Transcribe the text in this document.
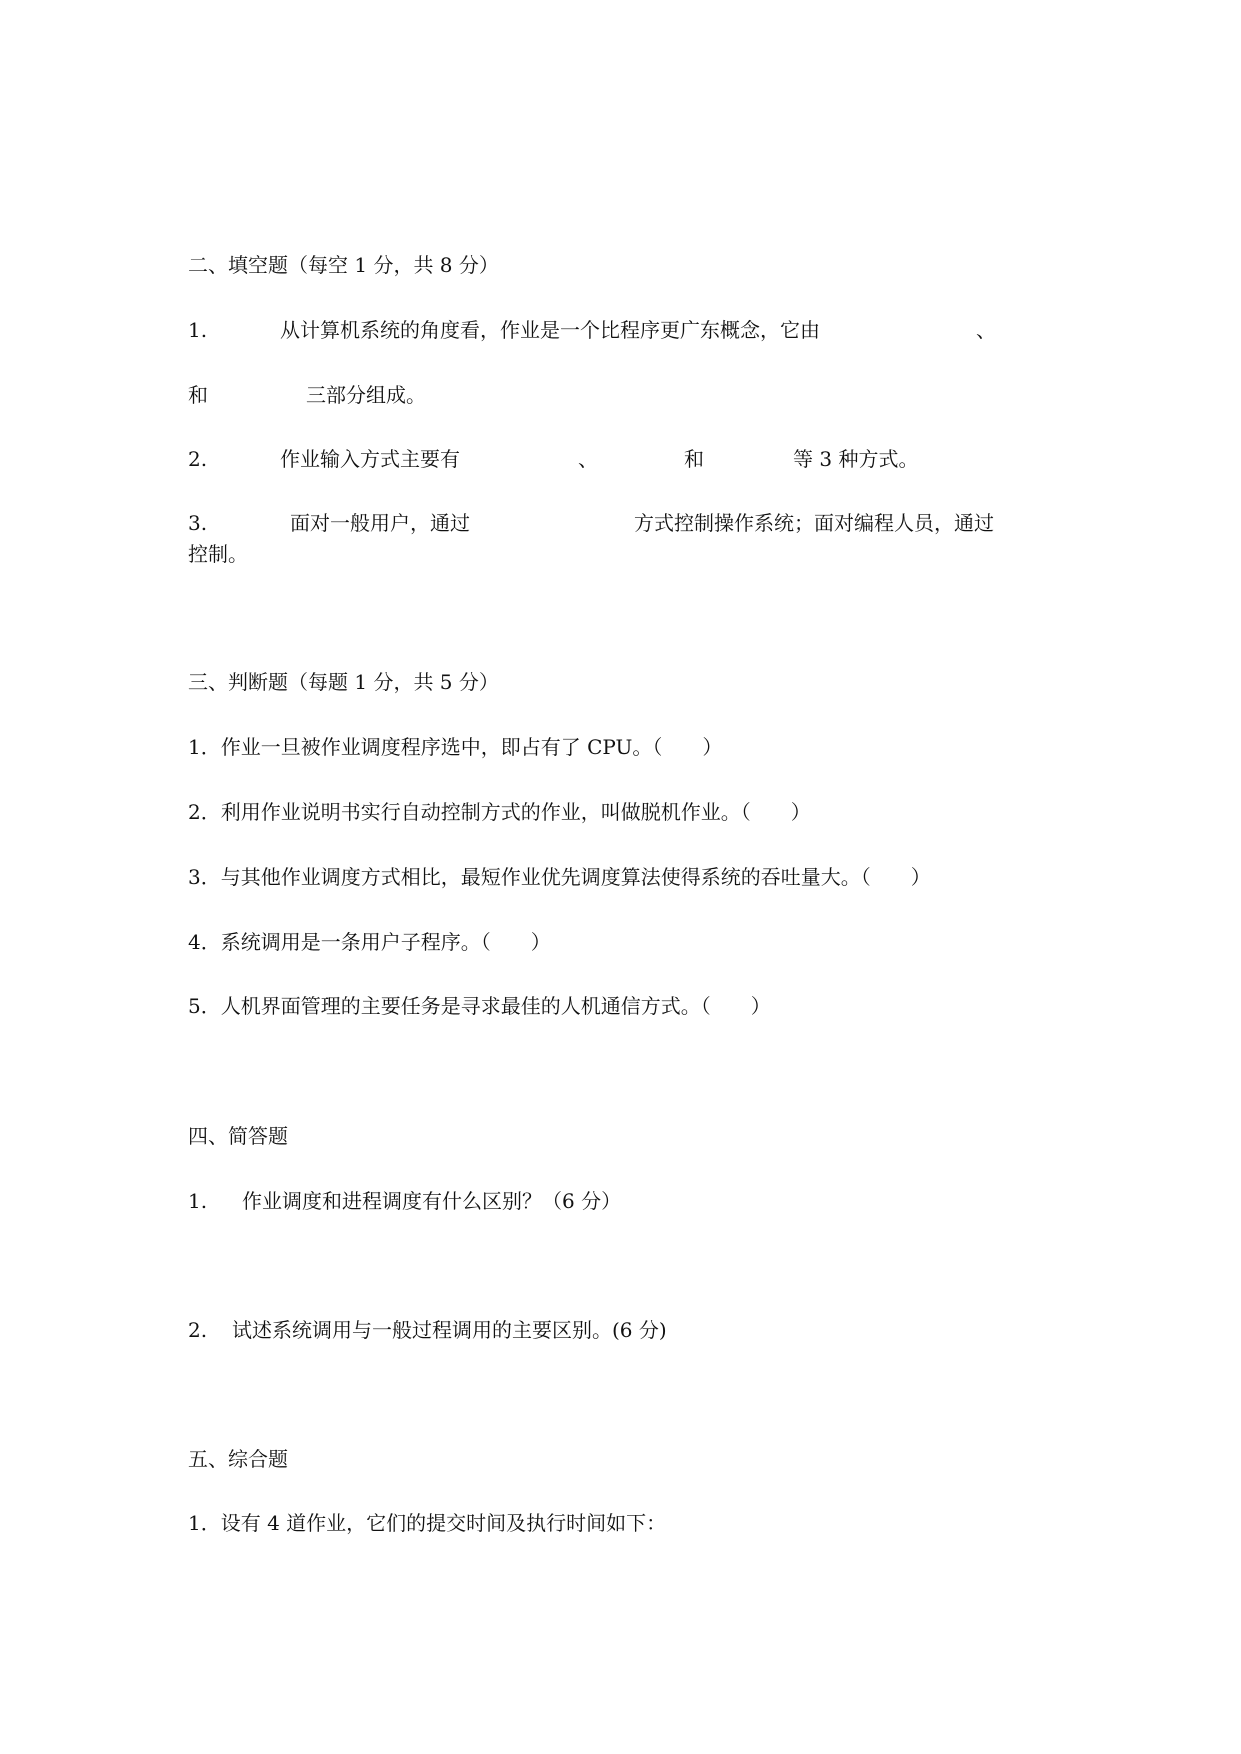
二、填空题（每空 1 分，共 8 分）
1.	从计算机系统的角度看，作业是一个比程序更广东概念，它由	、
和	三部分组成。
2.	作业输入方式主要有	、	和	等 3 种方式。
3.	面对一般用户，通过	方式控制操作系统；面对编程人员，通过
控制。
三、判断题（每题 1 分，共 5 分）
1．作业一旦被作业调度程序选中，即占有了 CPU。（　　）
2．利用作业说明书实行自动控制方式的作业，叫做脱机作业。（　　）
3．与其他作业调度方式相比，最短作业优先调度算法使得系统的吞吐量大。（　　）
4．系统调用是一条用户子程序。（　　）
5．人机界面管理的主要任务是寻求最佳的人机通信方式。（　　）
四、简答题
1. 作业调度和进程调度有什么区别？（6 分）
2. 试述系统调用与一般过程调用的主要区别。(6 分)
五、综合题
1．设有 4 道作业，它们的提交时间及执行时间如下：
